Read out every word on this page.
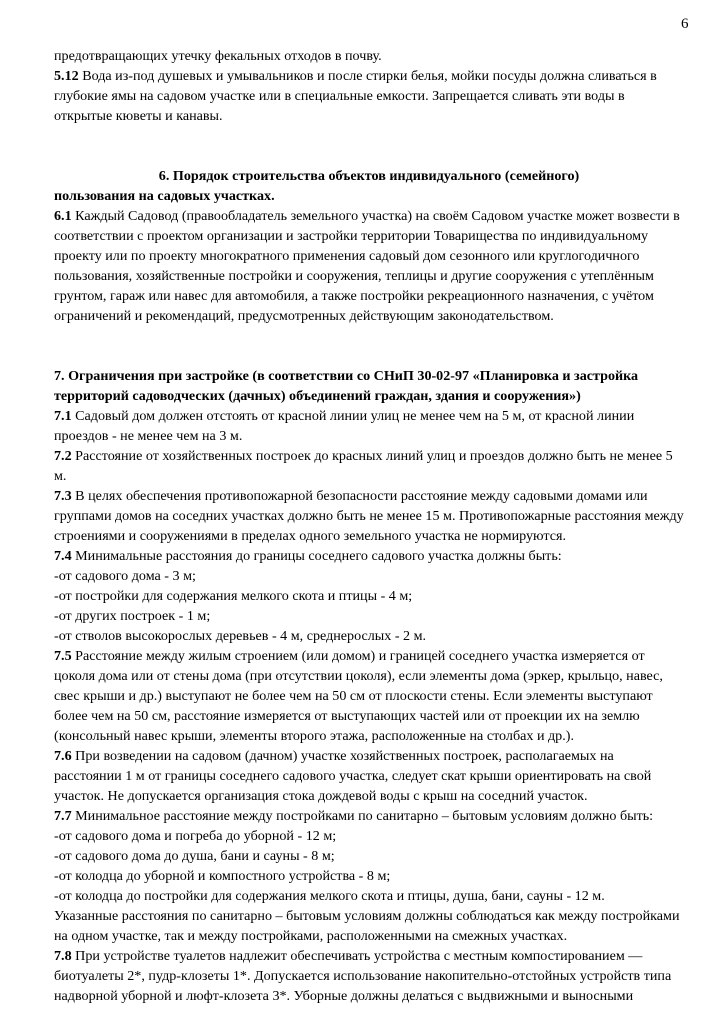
6

предотвращающих утечку фекальных отходов в почву.

5.12 Вода из-под душевых и умывальников и после стирки белья, мойки посуды должна сливаться в глубокие ямы на садовом участке или в специальные емкости. Запрещается сливать эти воды в открытые кюветы и канавы.

6. Порядок строительства объектов индивидуального (семейного)
пользования на садовых участках.

6.1 Каждый Садовод (правообладатель земельного участка) на своём Садовом участке может возвести в соответствии с проектом организации и застройки территории Товарищества по индивидуальному проекту или по проекту многократного применения садовый дом сезонного или круглогодичного пользования, хозяйственные постройки и сооружения, теплицы и другие сооружения с утеплённым грунтом, гараж или навес для автомобиля, а также постройки рекреационного назначения, с учётом ограничений и рекомендаций, предусмотренных действующим законодательством.

7. Ограничения при застройке (в соответствии со СНиП 30-02-97 «Планировка и застройка
территорий садоводческих (дачных) объединений граждан, здания и сооружения»)

7.1 Садовый дом должен отстоять от красной линии улиц не менее чем на 5 м, от красной линии проездов - не менее чем на 3 м.

7.2 Расстояние от хозяйственных построек до красных линий улиц и проездов должно быть не менее 5 м.

7.3 В целях обеспечения противопожарной безопасности расстояние между садовыми домами или группами домов на соседних участках должно быть не менее 15 м. Противопожарные расстояния между строениями и сооружениями в пределах одного земельного участка не нормируются.

7.4 Минимальные расстояния до границы соседнего садового участка должны быть:

-от садового дома - 3 м;

-от постройки для содержания мелкого скота и птицы - 4 м;

-от других построек - 1 м;

-от стволов высокорослых деревьев - 4 м, среднерослых - 2 м.

7.5 Расстояние между жилым строением (или домом) и границей соседнего участка измеряется от цоколя дома или от стены дома (при отсутствии цоколя), если элементы дома (эркер, крыльцо, навес, свес крыши и др.) выступают не более чем на 50 см от плоскости стены. Если элементы выступают более чем на 50 см, расстояние измеряется от выступающих частей или от проекции их на землю (консольный навес крыши, элементы второго этажа, расположенные на столбах и др.).

7.6 При возведении на садовом (дачном) участке хозяйственных построек, располагаемых на расстоянии 1 м от границы соседнего садового участка, следует скат крыши ориентировать на свой участок. Не допускается организация стока дождевой воды с крыш на соседний участок.

7.7 Минимальное расстояние между постройками по санитарно – бытовым условиям должно быть:

-от садового дома и погреба до уборной - 12 м;

-от садового дома до душа, бани и сауны - 8 м;

-от колодца до уборной и компостного устройства - 8 м;

-от колодца до постройки для содержания мелкого скота и птицы, душа, бани, сауны - 12 м.

Указанные расстояния по санитарно – бытовым условиям должны соблюдаться как между постройками на одном участке, так и между постройками, расположенными на смежных участках.

7.8 При устройстве туалетов надлежит обеспечивать устройства с местным компостированием — биотуалеты 2*, пудр-клозеты 1*. Допускается использование накопительно-отстойных устройств типа надворной уборной и люфт-клозета 3*. Уборные должны делаться с выдвижными и выносными
